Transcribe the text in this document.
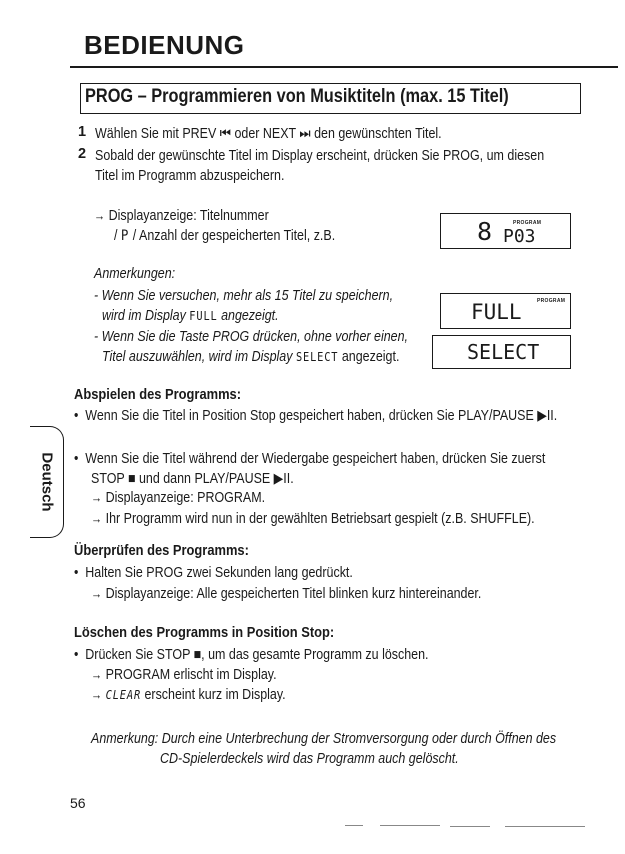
BEDIENUNG
PROG – Programmieren von Musiktiteln (max. 15 Titel)
1 Wählen Sie mit PREV ⏮ oder NEXT ⏭ den gewünschten Titel.
2 Sobald der gewünschte Titel im Display erscheint, drücken Sie PROG, um diesen
Titel im Programm abzuspeichern.
→ Displayanzeige: Titelnummer
/ P / Anzahl der gespeicherten Titel, z.B.	8	PROGRAM
P03
Anmerkungen:
- Wenn Sie versuchen, mehr als 15 Titel zu speichern,
wird im Display FULL angezeigt.
- Wenn Sie die Taste PROG drücken, ohne vorher einen,
Titel auszuwählen, wird im Display SELECT angezeigt.
FULL	PROGRAM
SELECT
Abspielen des Programms:
•  Wenn Sie die Titel in Position Stop gespeichert haben, drücken Sie PLAY/PAUSE ▶II.
•  Wenn Sie die Titel während der Wiedergabe gespeichert haben, drücken Sie zuerst
STOP ■ und dann PLAY/PAUSE ▶II.
→ Displayanzeige: PROGRAM.
→ Ihr Programm wird nun in der gewählten Betriebsart gespielt (z.B. SHUFFLE).
Überprüfen des Programms:
•  Halten Sie PROG zwei Sekunden lang gedrückt.
→ Displayanzeige: Alle gespeicherten Titel blinken kurz hintereinander.
Löschen des Programms in Position Stop:
•  Drücken Sie STOP ■, um das gesamte Programm zu löschen.
→ PROGRAM erlischt im Display.
→ CLEAR erscheint kurz im Display.
Anmerkung: Durch eine Unterbrechung der Stromversorgung oder durch Öffnen des
CD-Spielerdeckels wird das Programm auch gelöscht.
Deutsch
56
